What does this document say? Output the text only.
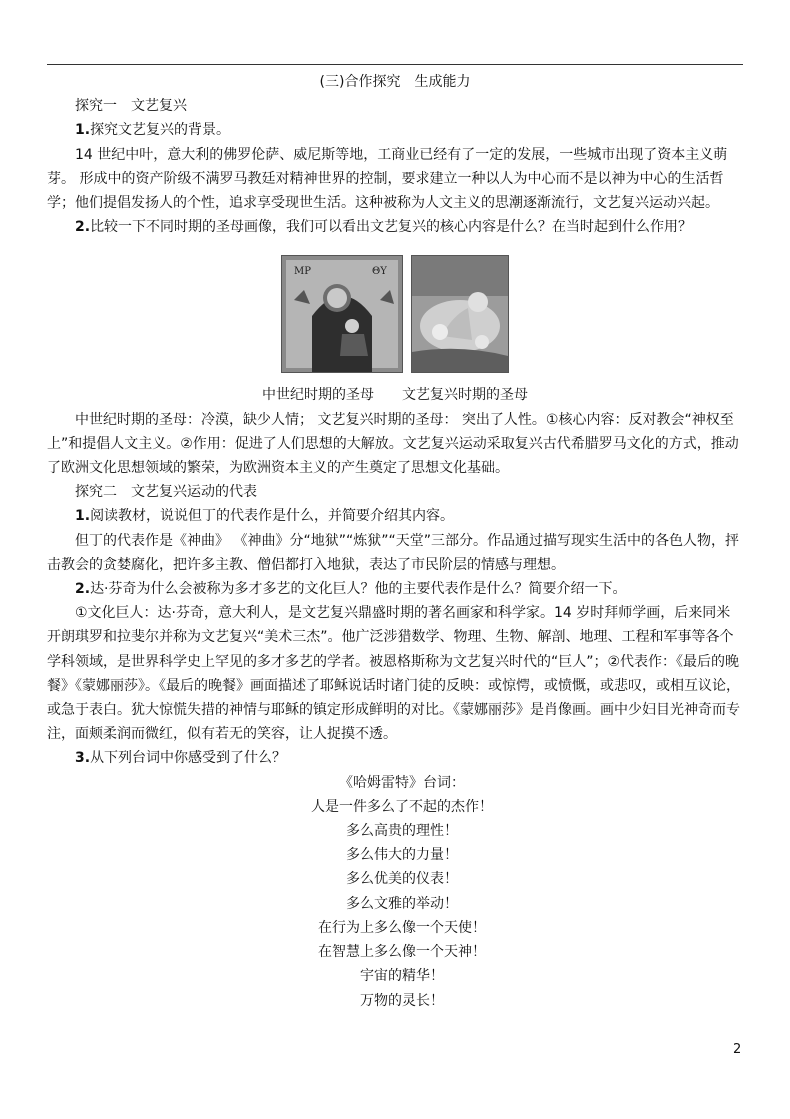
(三)合作探究　生成能力

探究一　文艺复兴

1.探究文艺复兴的背景。

14 世纪中叶，意大利的佛罗伦萨、威尼斯等地，工商业已经有了一定的发展，一些城市出现了资本主义萌芽。 形成中的资产阶级不满罗马教廷对精神世界的控制，要求建立一种以人为中心而不是以神为中心的生活哲学；他们提倡发扬人的个性，追求享受现世生活。这种被称为人文主义的思潮逐渐流行，文艺复兴运动兴起。

2.比较一下不同时期的圣母画像，我们可以看出文艺复兴的核心内容是什么？在当时起到什么作用？

ΜΡ	ΘΥ

中世纪时期的圣母　　文艺复兴时期的圣母

中世纪时期的圣母：冷漠，缺少人情； 文艺复兴时期的圣母： 突出了人性。①核心内容：反对教会“神权至上”和提倡人文主义。②作用：促进了人们思想的大解放。文艺复兴运动采取复兴古代希腊罗马文化的方式，推动了欧洲文化思想领域的繁荣，为欧洲资本主义的产生奠定了思想文化基础。

探究二　文艺复兴运动的代表

1.阅读教材，说说但丁的代表作是什么，并简要介绍其内容。

但丁的代表作是《神曲》 《神曲》分“地狱”“炼狱”“天堂”三部分。作品通过描写现实生活中的各色人物，抨击教会的贪婪腐化，把许多主教、僧侣都打入地狱，表达了市民阶层的情感与理想。

2.达·芬奇为什么会被称为多才多艺的文化巨人？他的主要代表作是什么？简要介绍一下。

①文化巨人：达·芬奇，意大利人，是文艺复兴鼎盛时期的著名画家和科学家。14 岁时拜师学画，后来同米开朗琪罗和拉斐尔并称为文艺复兴“美术三杰”。他广泛涉猎数学、物理、生物、解剖、地理、工程和军事等各个学科领域，是世界科学史上罕见的多才多艺的学者。被恩格斯称为文艺复兴时代的“巨人”；②代表作：《最后的晚餐》《蒙娜丽莎》。《最后的晚餐》画面描述了耶稣说话时诸门徒的反映：或惊愕，或愤慨，或悲叹，或相互议论，或急于表白。犹大惊慌失措的神情与耶稣的镇定形成鲜明的对比。《蒙娜丽莎》是肖像画。画中少妇目光神奇而专注，面颊柔润而微红，似有若无的笑容，让人捉摸不透。

3.从下列台词中你感受到了什么？

《哈姆雷特》台词：

人是一件多么了不起的杰作！

多么高贵的理性！

多么伟大的力量！

多么优美的仪表！

多么文雅的举动！

在行为上多么像一个天使！

在智慧上多么像一个天神！

宇宙的精华！

万物的灵长！

2
